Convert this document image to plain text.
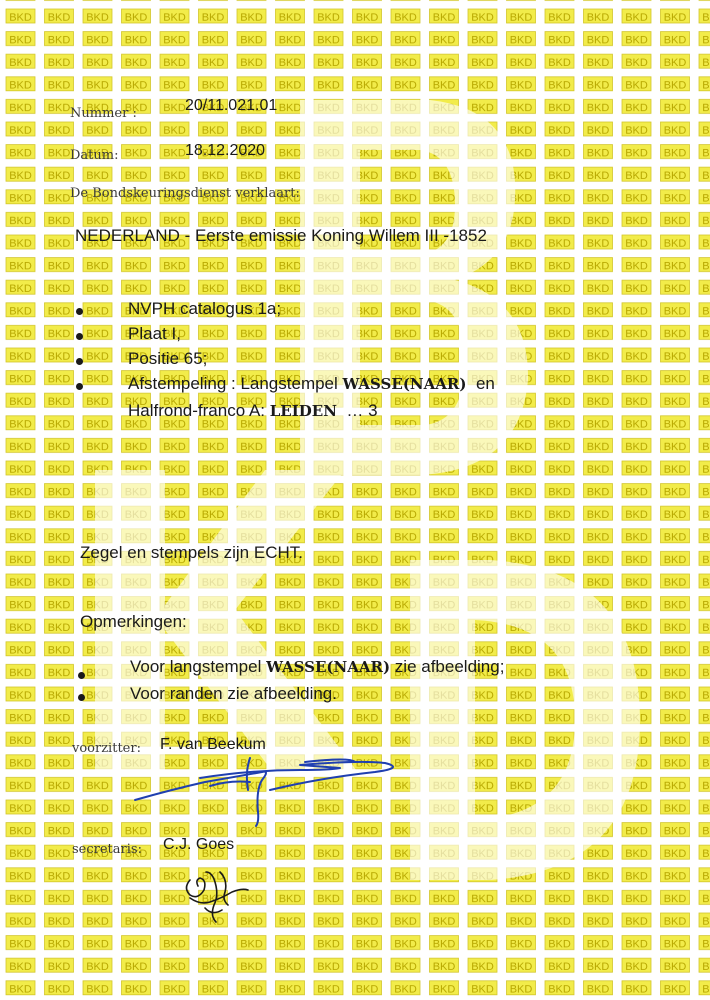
Nummer :	20/11.021.01
Datum:	18.12.2020
De Bondskeuringsdienst verklaart:
NEDERLAND - Eerste emissie Koning Willem III -1852
NVPH catalogus 1a;
Plaat I,
Positie 65;
Afstempeling : Langstempel WASSE(NAAR) en
Halfrond-franco A: LEIDEN … 3
Zegel en stempels zijn ECHT.
Opmerkingen:
Voor langstempel WASSE(NAAR) zie afbeelding;
Voor randen zie afbeelding.
voorzitter: F. van Beekum
secretaris: C.J. Goes
